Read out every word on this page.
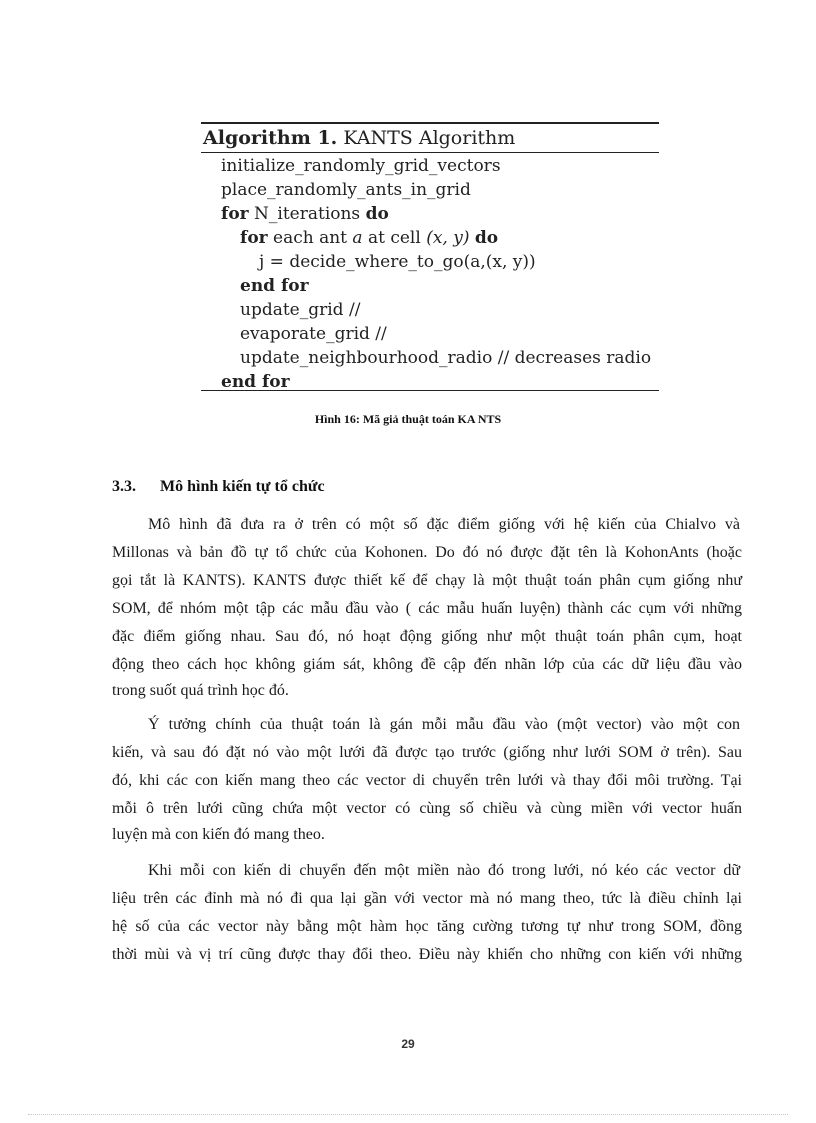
Algorithm 1. KANTS Algorithm
initialize_randomly_grid_vectors
place_randomly_ants_in_grid
for N_iterations do
for each ant a at cell (x, y) do
j = decide_where_to_go(a,(x, y))
end for
update_grid //
evaporate_grid //
update_neighbourhood_radio // decreases radio
end for
Hình 16: Mã giả thuật toán KA NTS
3.3. Mô hình kiến tự tổ chức
Mô hình đã đưa ra ở trên có một số đặc điểm giống với hệ kiến của Chialvo và
Millonas và bản đồ tự tổ chức của Kohonen. Do đó nó được đặt tên là KohonAnts (hoặc
gọi tắt là KANTS). KANTS được thiết kế để chạy là một thuật toán phân cụm giống như
SOM, để nhóm một tập các mẫu đầu vào ( các mẫu huấn luyện) thành các cụm với những
đặc điểm giống nhau. Sau đó, nó hoạt động giống như một thuật toán phân cụm, hoạt
động theo cách học không giám sát, không đề cập đến nhãn lớp của các dữ liệu đầu vào
trong suốt quá trình học đó.
Ý tưởng chính của thuật toán là gán mỗi mẫu đầu vào (một vector) vào một con
kiến, và sau đó đặt nó vào một lưới đã được tạo trước (giống như lưới SOM ở trên). Sau
đó, khi các con kiến mang theo các vector di chuyển trên lưới và thay đổi môi trường. Tại
mỗi ô trên lưới cũng chứa một vector có cùng số chiều và cùng miền với vector huấn
luyện mà con kiến đó mang theo.
Khi mỗi con kiến di chuyển đến một miền nào đó trong lưới, nó kéo các vector dữ
liệu trên các đỉnh mà nó đi qua lại gần với vector mà nó mang theo, tức là điều chỉnh lại
hệ số của các vector này bằng một hàm học tăng cường tương tự như trong SOM, đồng
thời mùi và vị trí cũng được thay đổi theo. Điều này khiến cho những con kiến với những
29
